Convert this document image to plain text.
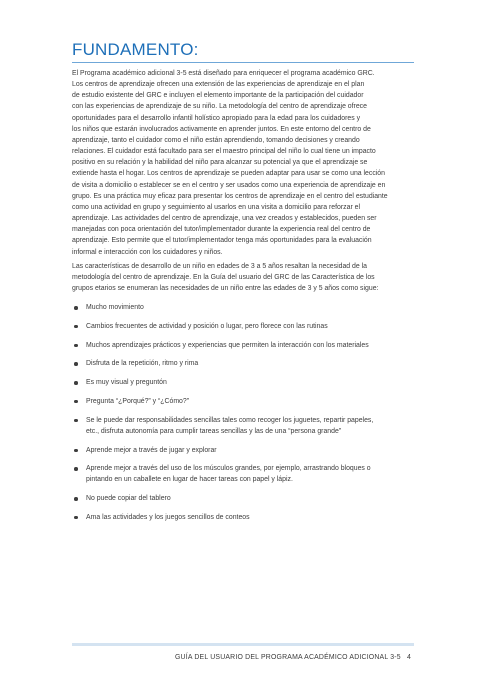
FUNDAMENTO:

El Programa académico adicional 3-5 está diseñado para enriquecer el programa académico GRC.
Los centros de aprendizaje ofrecen una extensión de las experiencias de aprendizaje en el plan
de estudio existente del GRC e incluyen el elemento importante de la participación del cuidador
con las experiencias de aprendizaje de su niño. La metodología del centro de aprendizaje ofrece
oportunidades para el desarrollo infantil holístico apropiado para la edad para los cuidadores y
los niños que estarán involucrados activamente en aprender juntos. En este entorno del centro de
aprendizaje, tanto el cuidador como el niño están aprendiendo, tomando decisiones y creando
relaciones. El cuidador está facultado para ser el maestro principal del niño lo cual tiene un impacto
positivo en su relación y la habilidad del niño para alcanzar su potencial ya que el aprendizaje se
extiende hasta el hogar. Los centros de aprendizaje se pueden adaptar para usar se como una lección
de visita a domicilio o establecer se en el centro y ser usados como una experiencia de aprendizaje en
grupo. Es una práctica muy eficaz para presentar los centros de aprendizaje en el centro del estudiante
como una actividad en grupo y seguimiento al usarlos en una visita a domicilio para reforzar el
aprendizaje. Las actividades del centro de aprendizaje, una vez creados y establecidos, pueden ser
manejadas con poca orientación del tutor/implementador durante la experiencia real del centro de
aprendizaje. Esto permite que el tutor/implementador tenga más oportunidades para la evaluación
informal e interacción con los cuidadores y niños.

Las características de desarrollo de un niño en edades de 3 a 5 años resaltan la necesidad de la
metodología del centro de aprendizaje. En la Guía del usuario del GRC de las Característica de los
grupos etarios se enumeran las necesidades de un niño entre las edades de 3 y 5 años como sigue:

Mucho movimiento
Cambios frecuentes de actividad y posición o lugar, pero florece con las rutinas
Muchos aprendizajes prácticos y experiencias que permiten la interacción con los materiales
Disfruta de la repetición, ritmo y rima
Es muy visual y preguntón
Pregunta “¿Porqué?” y “¿Cómo?”
Se le puede dar responsabilidades sencillas tales como recoger los juguetes, repartir papeles,
etc., disfruta autonomía para cumplir tareas sencillas y las de una “persona grande”
Aprende mejor a través de jugar y explorar
Aprende mejor a través del uso de los músculos grandes, por ejemplo, arrastrando bloques o
pintando en un caballete en lugar de hacer tareas con papel y lápiz.
No puede copiar del tablero
Ama las actividades y los juegos sencillos de conteos
GUÍA DEL USUARIO DEL PROGRAMA ACADÉMICO ADICIONAL 3-5 4
